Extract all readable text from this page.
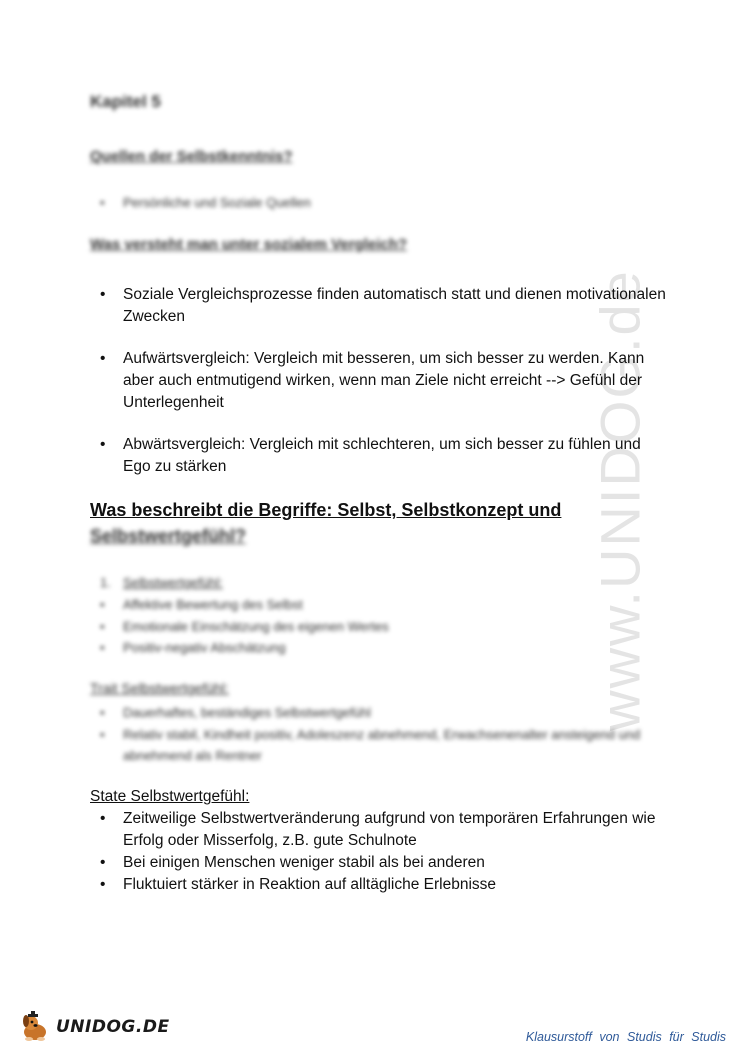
www.UNIDOG.de
Kapitel 5
Quellen der Selbstkenntnis?
• Persönliche und Soziale Quellen
Was versteht man unter sozialem Vergleich?
• Soziale Vergleichsprozesse finden automatisch statt und dienen motivationalen Zwecken
• Aufwärtsvergleich: Vergleich mit besseren, um sich besser zu werden. Kann aber auch entmutigend wirken, wenn man Ziele nicht erreicht --> Gefühl der Unterlegenheit
• Abwärtsvergleich: Vergleich mit schlechteren, um sich besser zu fühlen und Ego zu stärken
Was beschreibt die Begriffe: Selbst, Selbstkonzept und
Selbstwertgefühl?
1. Selbstwertgefühl:
• Affektive Bewertung des Selbst
• Emotionale Einschätzung des eigenen Wertes
• Positiv-negativ Abschätzung
Trait Selbstwertgefühl:
• Dauerhaftes, beständiges Selbstwertgefühl
• Relativ stabil, Kindheit positiv, Adoleszenz abnehmend, Erwachsenenalter ansteigend und abnehmend als Rentner
State Selbstwertgefühl:
• Zeitweilige Selbstwertveränderung aufgrund von temporären Erfahrungen wie Erfolg oder Misserfolg, z.B. gute Schulnote
• Bei einigen Menschen weniger stabil als bei anderen
• Fluktuiert stärker in Reaktion auf alltägliche Erlebnisse
UNIDOG.DE	Klausurstoff von Studis für Studis
